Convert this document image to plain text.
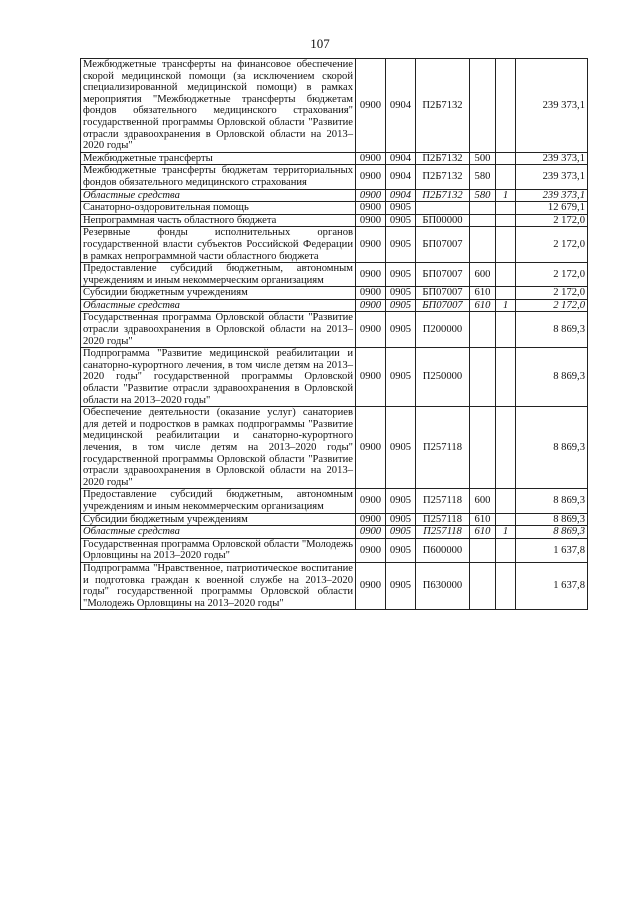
107
Межбюджетные трансферты на финансовое обеспечение скорой медицинской помощи (за исключением скорой специализированной медицинской помощи) в рамках мероприятия "Межбюджетные трансферты бюджетам фондов обязательного медицинского страхования" государственной программы Орловской области "Развитие отрасли здравоохранения в Орловской области на 2013–2020 годы"	0900	0904	П2Б7132			239 373,1
Межбюджетные трансферты	0900	0904	П2Б7132	500		239 373,1
Межбюджетные трансферты бюджетам территориальных фондов обязательного медицинского страхования	0900	0904	П2Б7132	580		239 373,1
Областные средства	0900	0904	П2Б7132	580	1	239 373,1
Санаторно-оздоровительная помощь	0900	0905				12 679,1
Непрограммная часть областного бюджета	0900	0905	БП00000			2 172,0
Резервные фонды исполнительных органов государственной власти субъектов Российской Федерации в рамках непрограммной части областного бюджета	0900	0905	БП07007			2 172,0
Предоставление субсидий бюджетным, автономным учреждениям и иным некоммерческим организациям	0900	0905	БП07007	600		2 172,0
Субсидии бюджетным учреждениям	0900	0905	БП07007	610		2 172,0
Областные средства	0900	0905	БП07007	610	1	2 172,0
Государственная программа Орловской области "Развитие отрасли здравоохранения в Орловской области на 2013–2020 годы"	0900	0905	П200000			8 869,3
Подпрограмма "Развитие медицинской реабилитации и санаторно-курортного лечения, в том числе детям на 2013–2020 годы" государственной программы Орловской области "Развитие отрасли здравоохранения в Орловской области на 2013–2020 годы"	0900	0905	П250000			8 869,3
Обеспечение деятельности (оказание услуг) санаториев для детей и подростков в рамках подпрограммы "Развитие медицинской реабилитации и санаторно-курортного лечения, в том числе детям на 2013–2020 годы" государственной программы Орловской области "Развитие отрасли здравоохранения в Орловской области на 2013–2020 годы"	0900	0905	П257118			8 869,3
Предоставление субсидий бюджетным, автономным учреждениям и иным некоммерческим организациям	0900	0905	П257118	600		8 869,3
Субсидии бюджетным учреждениям	0900	0905	П257118	610		8 869,3
Областные средства	0900	0905	П257118	610	1	8 869,3
Государственная программа Орловской области "Молодежь Орловщины на 2013–2020 годы"	0900	0905	П600000			1 637,8
Подпрограмма "Нравственное, патриотическое воспитание и подготовка граждан к военной службе на 2013–2020 годы" государственной программы Орловской области "Молодежь Орловщины на 2013–2020 годы"	0900	0905	П630000			1 637,8
